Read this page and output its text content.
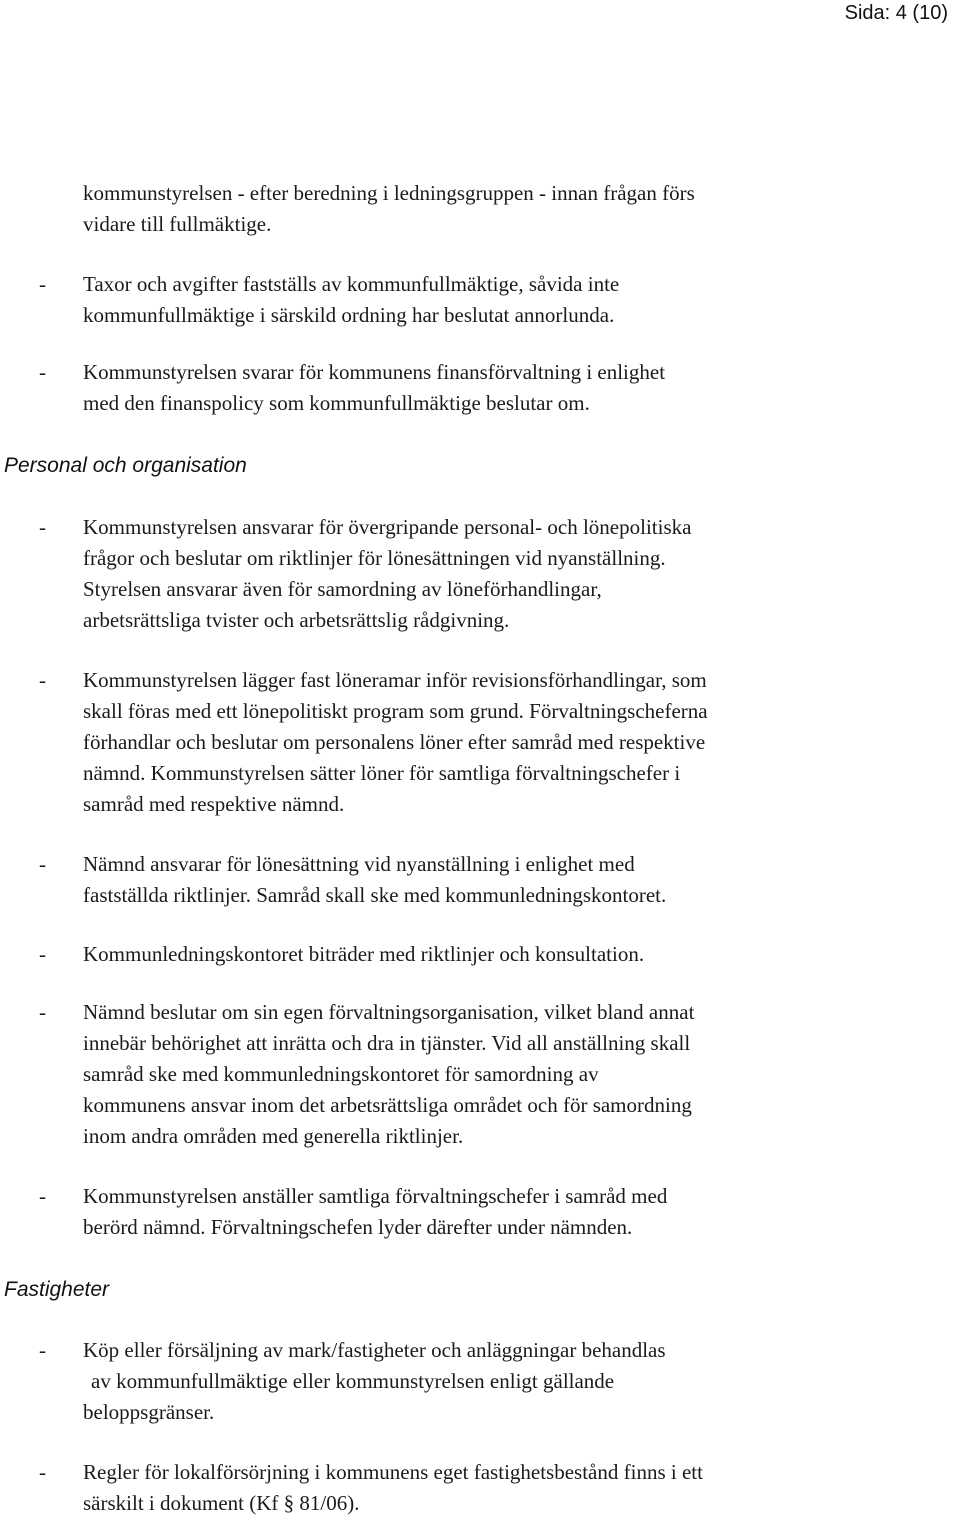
Sida: 4 (10)
kommunstyrelsen - efter beredning i ledningsgruppen - innan frågan förs
vidare till fullmäktige.
- Taxor och avgifter fastställs av kommunfullmäktige, såvida inte
kommunfullmäktige i särskild ordning har beslutat annorlunda.
- Kommunstyrelsen svarar för kommunens finansförvaltning i enlighet
med den finanspolicy som kommunfullmäktige beslutar om.
Personal och organisation
- Kommunstyrelsen ansvarar för övergripande personal- och lönepolitiska
frågor och beslutar om riktlinjer för lönesättningen vid nyanställning.
Styrelsen ansvarar även för samordning av löneförhandlingar,
arbetsrättsliga tvister och arbetsrättslig rådgivning.
- Kommunstyrelsen lägger fast löneramar inför revisionsförhandlingar, som
skall föras med ett lönepolitiskt program som grund. Förvaltningscheferna
förhandlar och beslutar om personalens löner efter samråd med respektive
nämnd. Kommunstyrelsen sätter löner för samtliga förvaltningschefer i
samråd med respektive nämnd.
- Nämnd ansvarar för lönesättning vid nyanställning i enlighet med
fastställda riktlinjer. Samråd skall ske med kommunledningskontoret.
- Kommunledningskontoret biträder med riktlinjer och konsultation.
- Nämnd beslutar om sin egen förvaltningsorganisation, vilket bland annat
innebär behörighet att inrätta och dra in tjänster. Vid all anställning skall
samråd ske med kommunledningskontoret för samordning av
kommunens ansvar inom det arbetsrättsliga området och för samordning
inom andra områden med generella riktlinjer.
- Kommunstyrelsen anställer samtliga förvaltningschefer i samråd med
berörd nämnd. Förvaltningschefen lyder därefter under nämnden.
Fastigheter
- Köp eller försäljning av mark/fastigheter och anläggningar behandlas
av kommunfullmäktige eller kommunstyrelsen enligt gällande
beloppsgränser.
- Regler för lokalförsörjning i kommunens eget fastighetsbestånd finns i ett
särskilt i dokument (Kf § 81/06).
